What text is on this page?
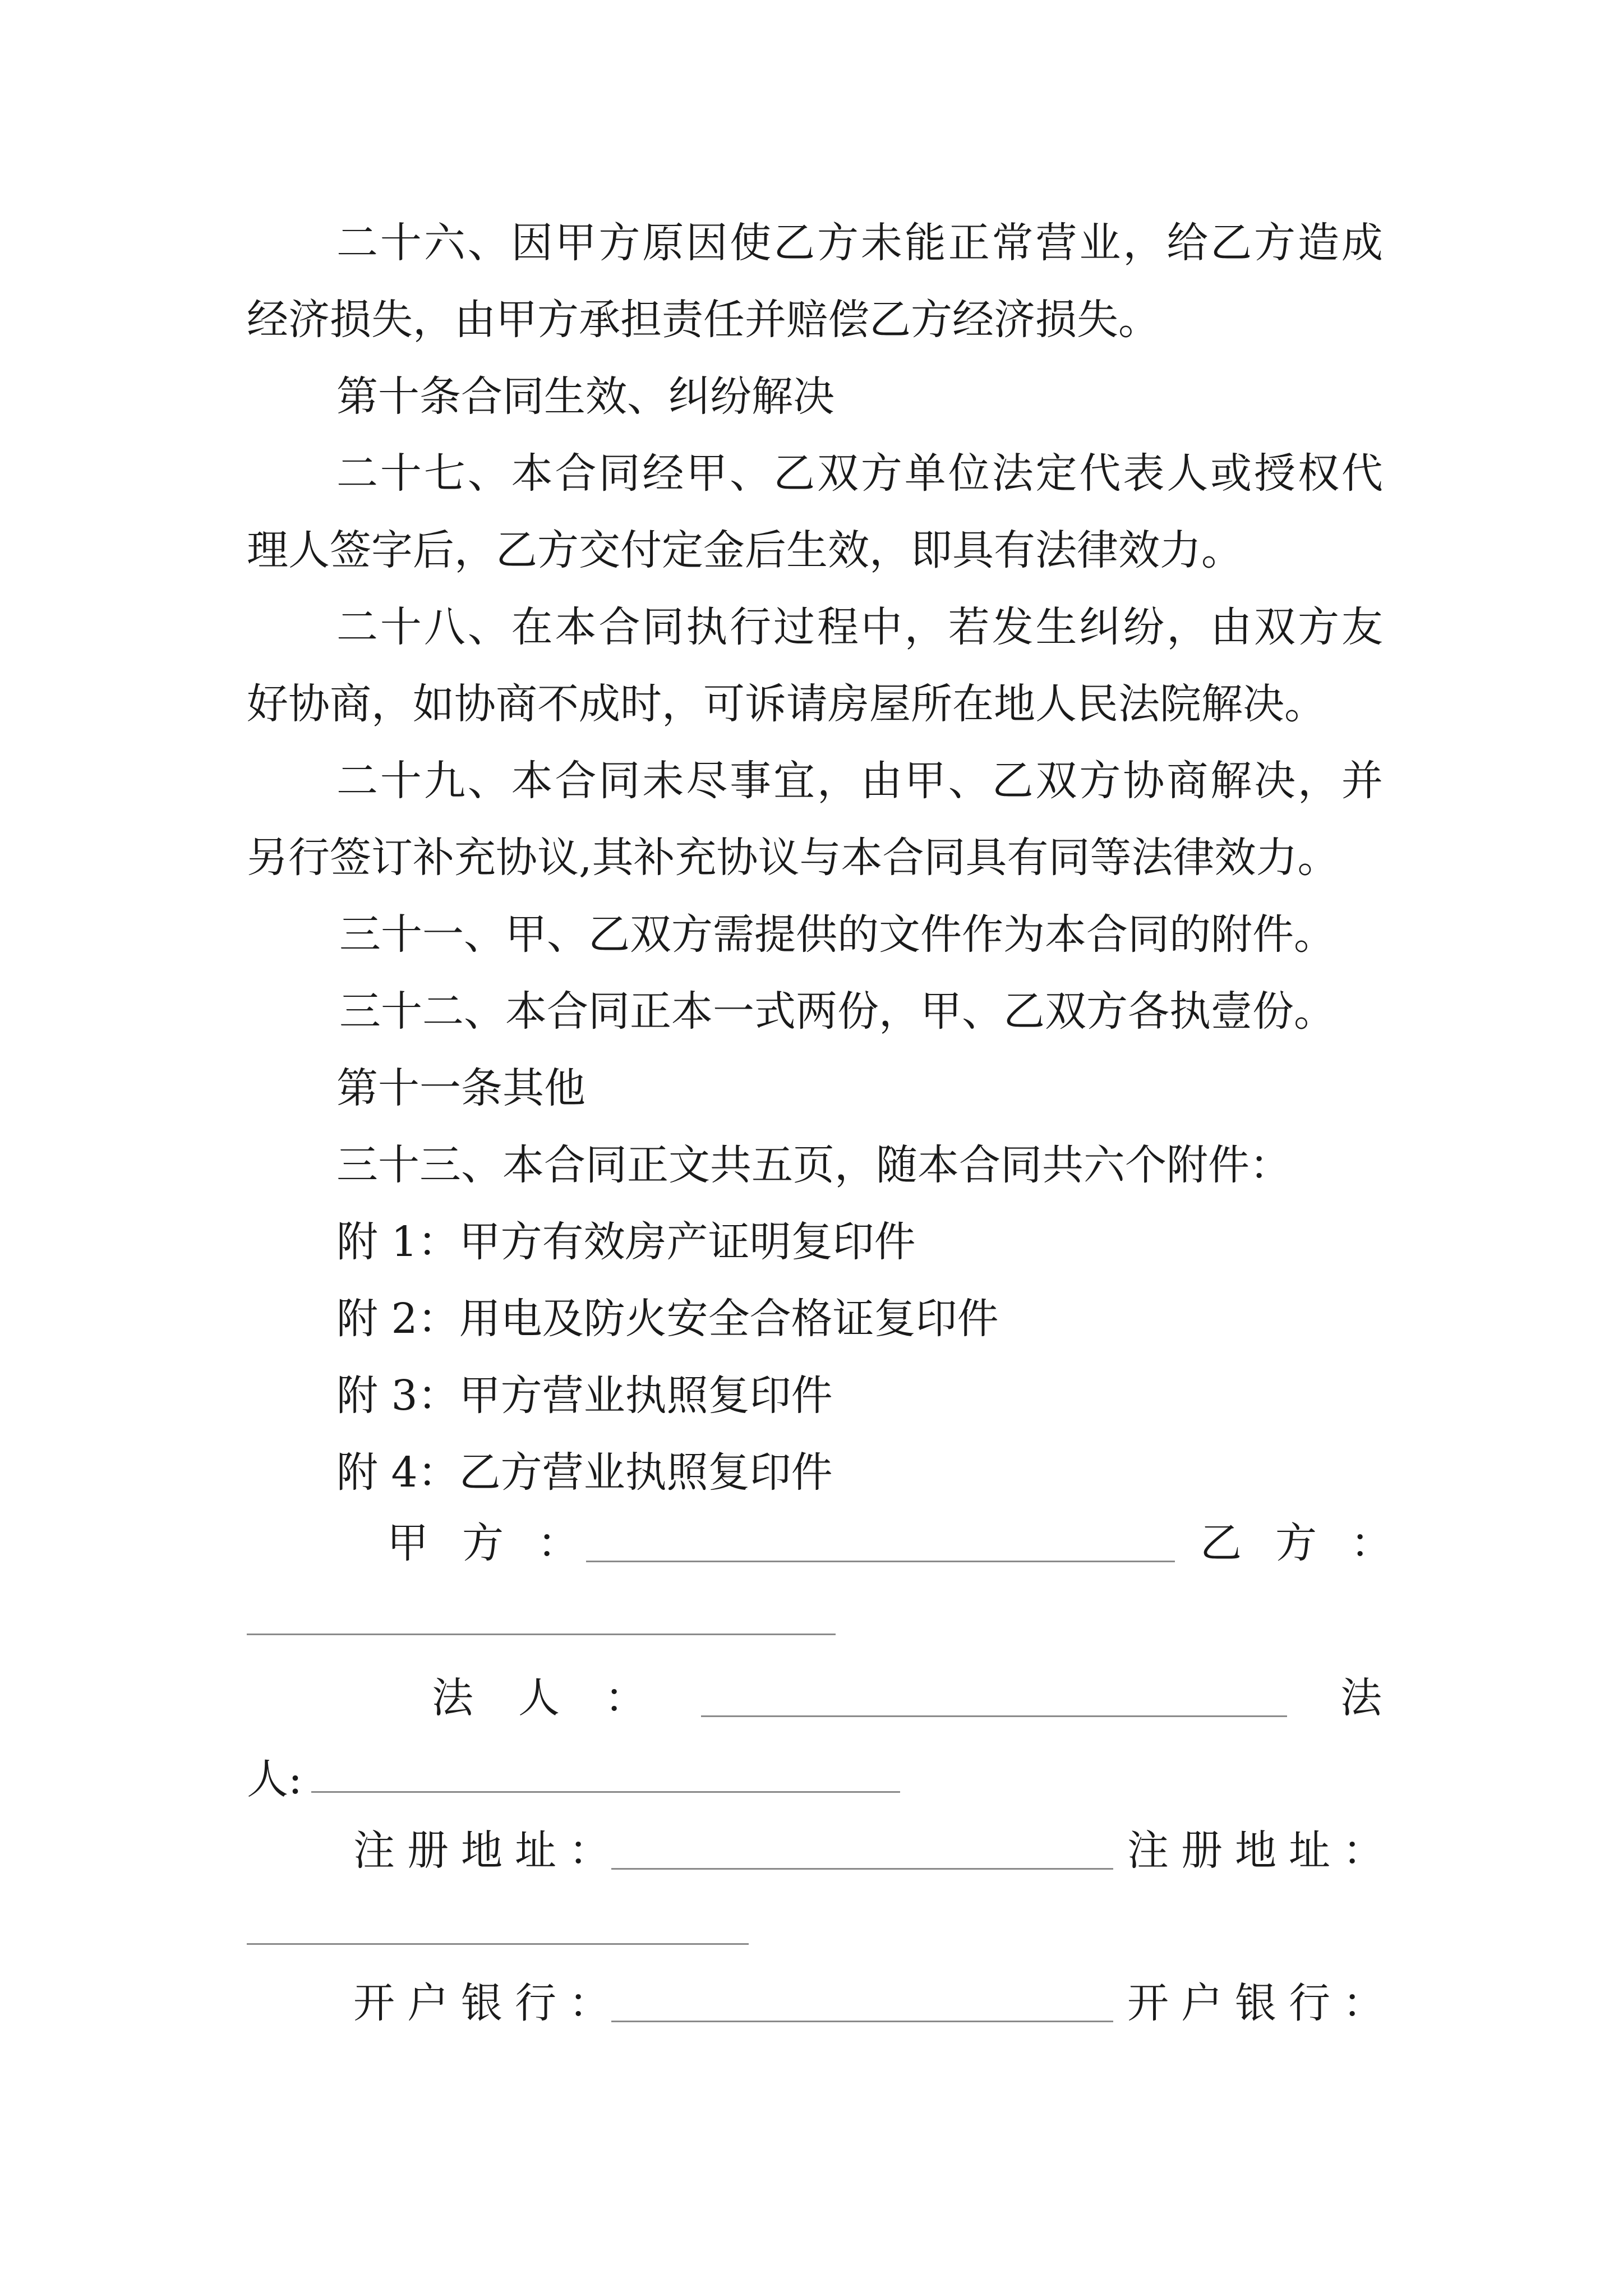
二 十 六 、 因 甲 方 原 因 使 乙 方 未 能 正 常 营 业 ， 给 乙 方 造 成
经济损失，由甲方承担责任并赔偿乙方经济损失。
第十条合同生效、纠纷解决
二 十 七 、 本 合 同 经 甲 、 乙 双 方 单 位 法 定 代 表 人 或 授 权 代
理人签字后，乙方交付定金后生效，即具有法律效力。
二 十 八 、 在 本 合 同 执 行 过 程 中 ， 若 发 生 纠 纷 ， 由 双 方 友
好协商，如协商不成时，可诉请房屋所在地人民法院解决。
二 十 九 、 本 合 同 未 尽 事 宜 ， 由 甲 、 乙 双 方 协 商 解 决 ， 并
另行签订补充协议,其补充协议与本合同具有同等法律效力。
三十一、甲、乙双方需提供的文件作为本合同的附件。
三十二、本合同正本一式两份，甲、乙双方各执壹份。
第十一条其他
三十三、本合同正文共五页，随本合同共六个附件：
附 1：甲方有效房产证明复印件
附 2：用电及防火安全合格证复印件
附 3：甲方营业执照复印件
附 4：乙方营业执照复印件
甲方：	乙方：
法人：	法
人:
注册地址：	注册地址：
开户银行：	开户银行：
